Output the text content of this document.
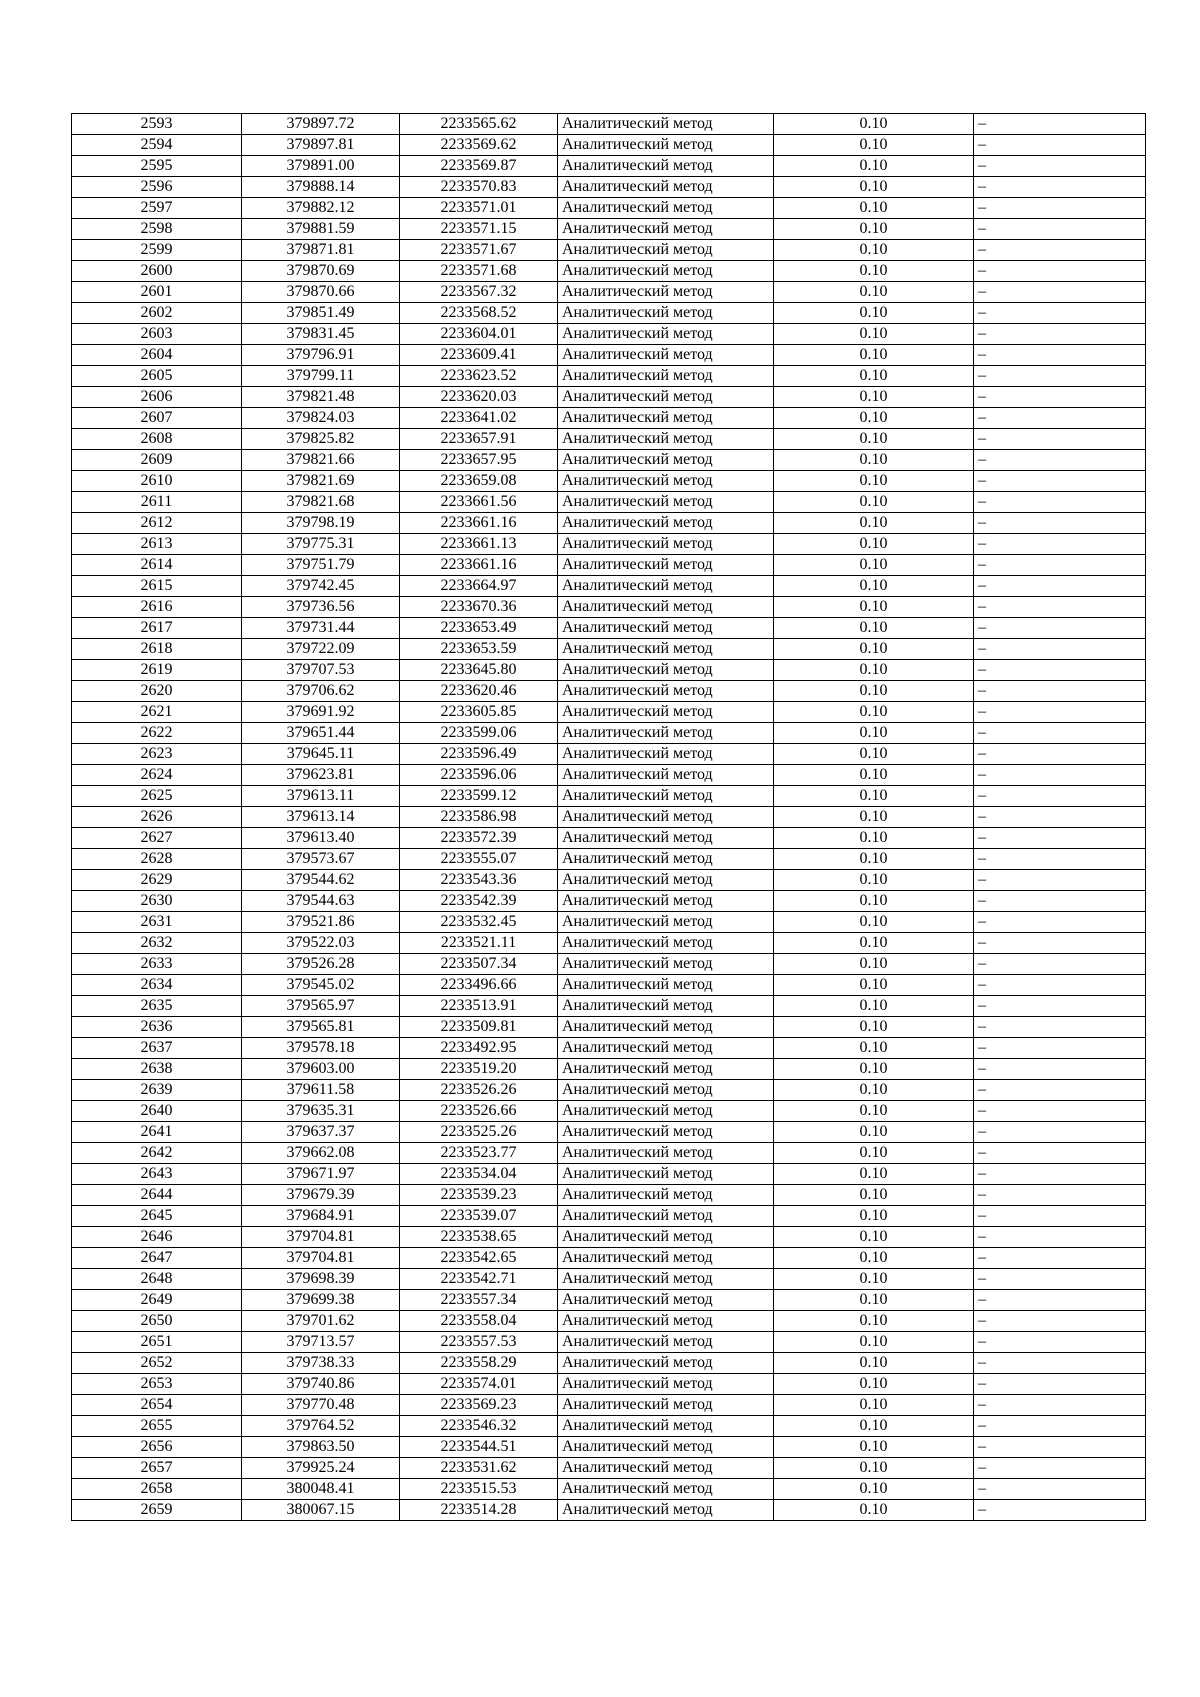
2593	379897.72	2233565.62	Аналитический метод	0.10	–
2594	379897.81	2233569.62	Аналитический метод	0.10	–
2595	379891.00	2233569.87	Аналитический метод	0.10	–
2596	379888.14	2233570.83	Аналитический метод	0.10	–
2597	379882.12	2233571.01	Аналитический метод	0.10	–
2598	379881.59	2233571.15	Аналитический метод	0.10	–
2599	379871.81	2233571.67	Аналитический метод	0.10	–
2600	379870.69	2233571.68	Аналитический метод	0.10	–
2601	379870.66	2233567.32	Аналитический метод	0.10	–
2602	379851.49	2233568.52	Аналитический метод	0.10	–
2603	379831.45	2233604.01	Аналитический метод	0.10	–
2604	379796.91	2233609.41	Аналитический метод	0.10	–
2605	379799.11	2233623.52	Аналитический метод	0.10	–
2606	379821.48	2233620.03	Аналитический метод	0.10	–
2607	379824.03	2233641.02	Аналитический метод	0.10	–
2608	379825.82	2233657.91	Аналитический метод	0.10	–
2609	379821.66	2233657.95	Аналитический метод	0.10	–
2610	379821.69	2233659.08	Аналитический метод	0.10	–
2611	379821.68	2233661.56	Аналитический метод	0.10	–
2612	379798.19	2233661.16	Аналитический метод	0.10	–
2613	379775.31	2233661.13	Аналитический метод	0.10	–
2614	379751.79	2233661.16	Аналитический метод	0.10	–
2615	379742.45	2233664.97	Аналитический метод	0.10	–
2616	379736.56	2233670.36	Аналитический метод	0.10	–
2617	379731.44	2233653.49	Аналитический метод	0.10	–
2618	379722.09	2233653.59	Аналитический метод	0.10	–
2619	379707.53	2233645.80	Аналитический метод	0.10	–
2620	379706.62	2233620.46	Аналитический метод	0.10	–
2621	379691.92	2233605.85	Аналитический метод	0.10	–
2622	379651.44	2233599.06	Аналитический метод	0.10	–
2623	379645.11	2233596.49	Аналитический метод	0.10	–
2624	379623.81	2233596.06	Аналитический метод	0.10	–
2625	379613.11	2233599.12	Аналитический метод	0.10	–
2626	379613.14	2233586.98	Аналитический метод	0.10	–
2627	379613.40	2233572.39	Аналитический метод	0.10	–
2628	379573.67	2233555.07	Аналитический метод	0.10	–
2629	379544.62	2233543.36	Аналитический метод	0.10	–
2630	379544.63	2233542.39	Аналитический метод	0.10	–
2631	379521.86	2233532.45	Аналитический метод	0.10	–
2632	379522.03	2233521.11	Аналитический метод	0.10	–
2633	379526.28	2233507.34	Аналитический метод	0.10	–
2634	379545.02	2233496.66	Аналитический метод	0.10	–
2635	379565.97	2233513.91	Аналитический метод	0.10	–
2636	379565.81	2233509.81	Аналитический метод	0.10	–
2637	379578.18	2233492.95	Аналитический метод	0.10	–
2638	379603.00	2233519.20	Аналитический метод	0.10	–
2639	379611.58	2233526.26	Аналитический метод	0.10	–
2640	379635.31	2233526.66	Аналитический метод	0.10	–
2641	379637.37	2233525.26	Аналитический метод	0.10	–
2642	379662.08	2233523.77	Аналитический метод	0.10	–
2643	379671.97	2233534.04	Аналитический метод	0.10	–
2644	379679.39	2233539.23	Аналитический метод	0.10	–
2645	379684.91	2233539.07	Аналитический метод	0.10	–
2646	379704.81	2233538.65	Аналитический метод	0.10	–
2647	379704.81	2233542.65	Аналитический метод	0.10	–
2648	379698.39	2233542.71	Аналитический метод	0.10	–
2649	379699.38	2233557.34	Аналитический метод	0.10	–
2650	379701.62	2233558.04	Аналитический метод	0.10	–
2651	379713.57	2233557.53	Аналитический метод	0.10	–
2652	379738.33	2233558.29	Аналитический метод	0.10	–
2653	379740.86	2233574.01	Аналитический метод	0.10	–
2654	379770.48	2233569.23	Аналитический метод	0.10	–
2655	379764.52	2233546.32	Аналитический метод	0.10	–
2656	379863.50	2233544.51	Аналитический метод	0.10	–
2657	379925.24	2233531.62	Аналитический метод	0.10	–
2658	380048.41	2233515.53	Аналитический метод	0.10	–
2659	380067.15	2233514.28	Аналитический метод	0.10	–
